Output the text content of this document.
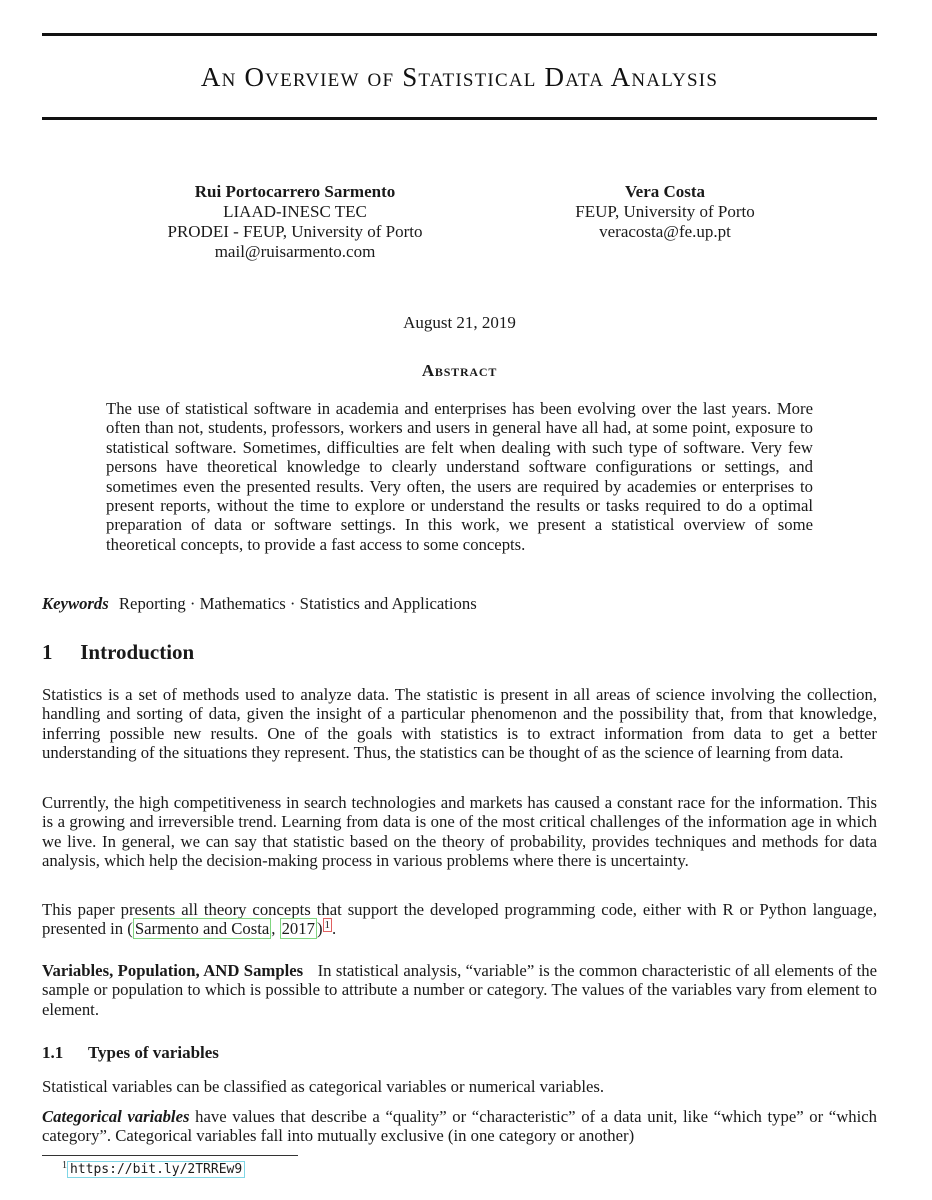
An Overview of Statistical Data Analysis
Rui Portocarrero Sarmento
LIAAD-INESC TEC
PRODEI - FEUP, University of Porto
mail@ruisarmento.com
Vera Costa
FEUP, University of Porto
veracosta@fe.up.pt
August 21, 2019
Abstract
The use of statistical software in academia and enterprises has been evolving over the last years. More often than not, students, professors, workers and users in general have all had, at some point, exposure to statistical software. Sometimes, difficulties are felt when dealing with such type of software. Very few persons have theoretical knowledge to clearly understand software configurations or settings, and sometimes even the presented results. Very often, the users are required by academies or enterprises to present reports, without the time to explore or understand the results or tasks required to do a optimal preparation of data or software settings. In this work, we present a statistical overview of some theoretical concepts, to provide a fast access to some concepts.
Keywords Reporting · Mathematics · Statistics and Applications
1 Introduction
Statistics is a set of methods used to analyze data. The statistic is present in all areas of science involving the collection, handling and sorting of data, given the insight of a particular phenomenon and the possibility that, from that knowledge, inferring possible new results. One of the goals with statistics is to extract information from data to get a better understanding of the situations they represent. Thus, the statistics can be thought of as the science of learning from data.
Currently, the high competitiveness in search technologies and markets has caused a constant race for the information. This is a growing and irreversible trend. Learning from data is one of the most critical challenges of the information age in which we live. In general, we can say that statistic based on the theory of probability, provides techniques and methods for data analysis, which help the decision-making process in various problems where there is uncertainty.
This paper presents all theory concepts that support the developed programming code, either with R or Python language, presented in ( Sarmento and Costa , 2017 ) $^1$ .
Variables, Population, AND Samples In statistical analysis, “variable” is the common characteristic of all elements of the sample or population to which is possible to attribute a number or category. The values of the variables vary from element to element.
1.1 Types of variables
Statistical variables can be classified as categorical variables or numerical variables.
Categorical variables have values that describe a “quality” or “characteristic” of a data unit, like “which type” or “which category”. Categorical variables fall into mutually exclusive (in one category or another)
$^1$ https://bit.ly/2TRREw9
